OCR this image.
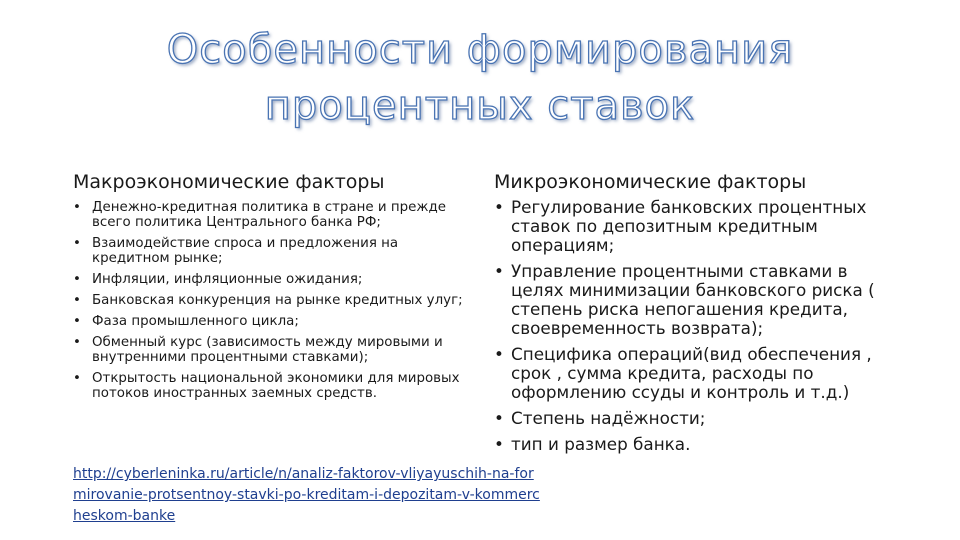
Особенности формирования
процентных ставок
Макроэкономические факторы
• Денежно-кредитная политика в стране и прежде всего политика Центрального банка РФ;
• Взаимодействие спроса и предложения на кредитном рынке;
• Инфляции, инфляционные ожидания;
• Банковская конкуренция на рынке кредитных улуг;
• Фаза промышленного цикла;
• Обменный курс (зависимость между мировыми и внутренними процентными ставками);
• Открытость национальной экономики для мировых потоков иностранных заемных средств.
Микроэкономические факторы
• Регулирование банковских процентных ставок по депозитным кредитным операциям;
• Управление процентными ставками в целях минимизации банковского риска ( степень риска непогашения кредита, своевременность возврата);
• Специфика операций(вид обеспечения , срок , сумма кредита, расходы по оформлению ссуды и контроль и т.д.)
• Степень надёжности;
• тип и размер банка.
http://cyberleninka.ru/article/n/analiz-faktorov-vliyayuschih-na-formirovanie-protsentnoy-stavki-po-kreditam-i-depozitam-v-kommercheskom-banke
